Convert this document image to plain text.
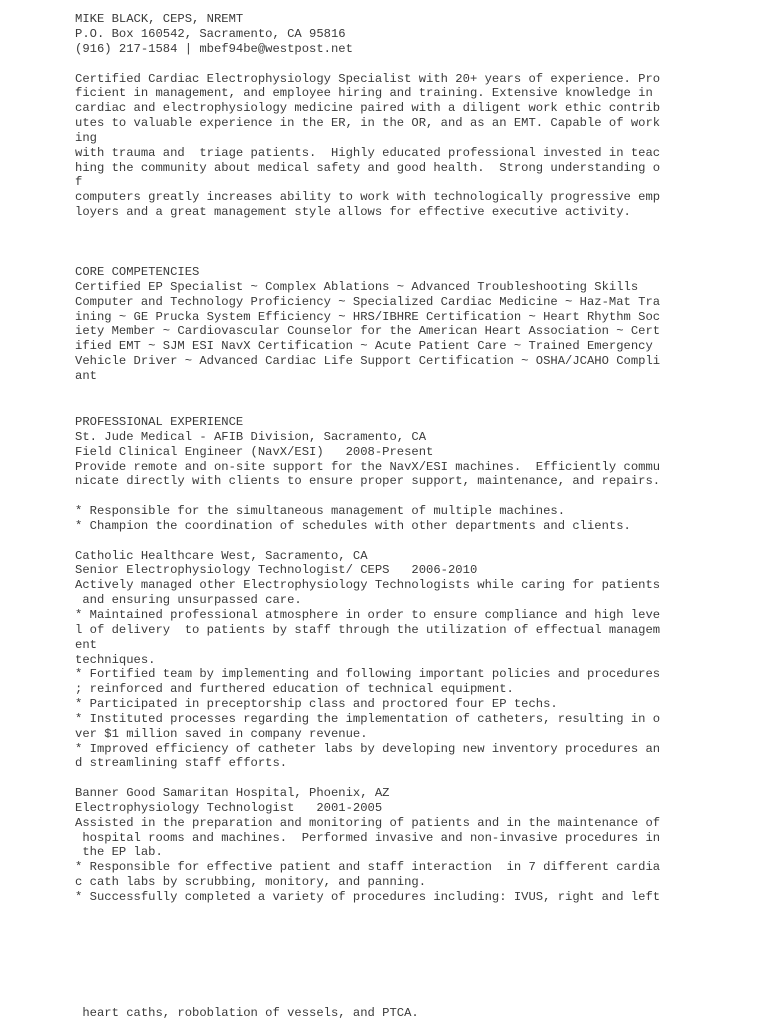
MIKE BLACK, CEPS, NREMT
P.O. Box 160542, Sacramento, CA 95816
(916) 217-1584 | mbef94be@westpost.net
Certified Cardiac Electrophysiology Specialist with 20+ years of experience. Pro
ficient in management, and employee hiring and training. Extensive knowledge in
cardiac and electrophysiology medicine paired with a diligent work ethic contrib
utes to valuable experience in the ER, in the OR, and as an EMT. Capable of work
ing
with trauma and  triage patients.  Highly educated professional invested in teac
hing the community about medical safety and good health.  Strong understanding o
f
computers greatly increases ability to work with technologically progressive emp
loyers and a great management style allows for effective executive activity.
CORE COMPETENCIES
Certified EP Specialist ~ Complex Ablations ~ Advanced Troubleshooting Skills
Computer and Technology Proficiency ~ Specialized Cardiac Medicine ~ Haz-Mat Tra
ining ~ GE Prucka System Efficiency ~ HRS/IBHRE Certification ~ Heart Rhythm Soc
iety Member ~ Cardiovascular Counselor for the American Heart Association ~ Cert
ified EMT ~ SJM ESI NavX Certification ~ Acute Patient Care ~ Trained Emergency
Vehicle Driver ~ Advanced Cardiac Life Support Certification ~ OSHA/JCAHO Compli
ant
PROFESSIONAL EXPERIENCE
St. Jude Medical - AFIB Division, Sacramento, CA
Field Clinical Engineer (NavX/ESI)   2008-Present
Provide remote and on-site support for the NavX/ESI machines.  Efficiently commu
nicate directly with clients to ensure proper support, maintenance, and repairs.
* Responsible for the simultaneous management of multiple machines.
* Champion the coordination of schedules with other departments and clients.
Catholic Healthcare West, Sacramento, CA
Senior Electrophysiology Technologist/ CEPS   2006-2010
Actively managed other Electrophysiology Technologists while caring for patients
and ensuring unsurpassed care.
* Maintained professional atmosphere in order to ensure compliance and high leve
l of delivery  to patients by staff through the utilization of effectual managem
ent
techniques.
* Fortified team by implementing and following important policies and procedures
; reinforced and furthered education of technical equipment.
* Participated in preceptorship class and proctored four EP techs.
* Instituted processes regarding the implementation of catheters, resulting in o
ver $1 million saved in company revenue.
* Improved efficiency of catheter labs by developing new inventory procedures an
d streamlining staff efforts.
Banner Good Samaritan Hospital, Phoenix, AZ
Electrophysiology Technologist   2001-2005
Assisted in the preparation and monitoring of patients and in the maintenance of
hospital rooms and machines.  Performed invasive and non-invasive procedures in
the EP lab.
* Responsible for effective patient and staff interaction  in 7 different cardia
c cath labs by scrubbing, monitory, and panning.
* Successfully completed a variety of procedures including: IVUS, right and left
heart caths, roboblation of vessels, and PTCA.
